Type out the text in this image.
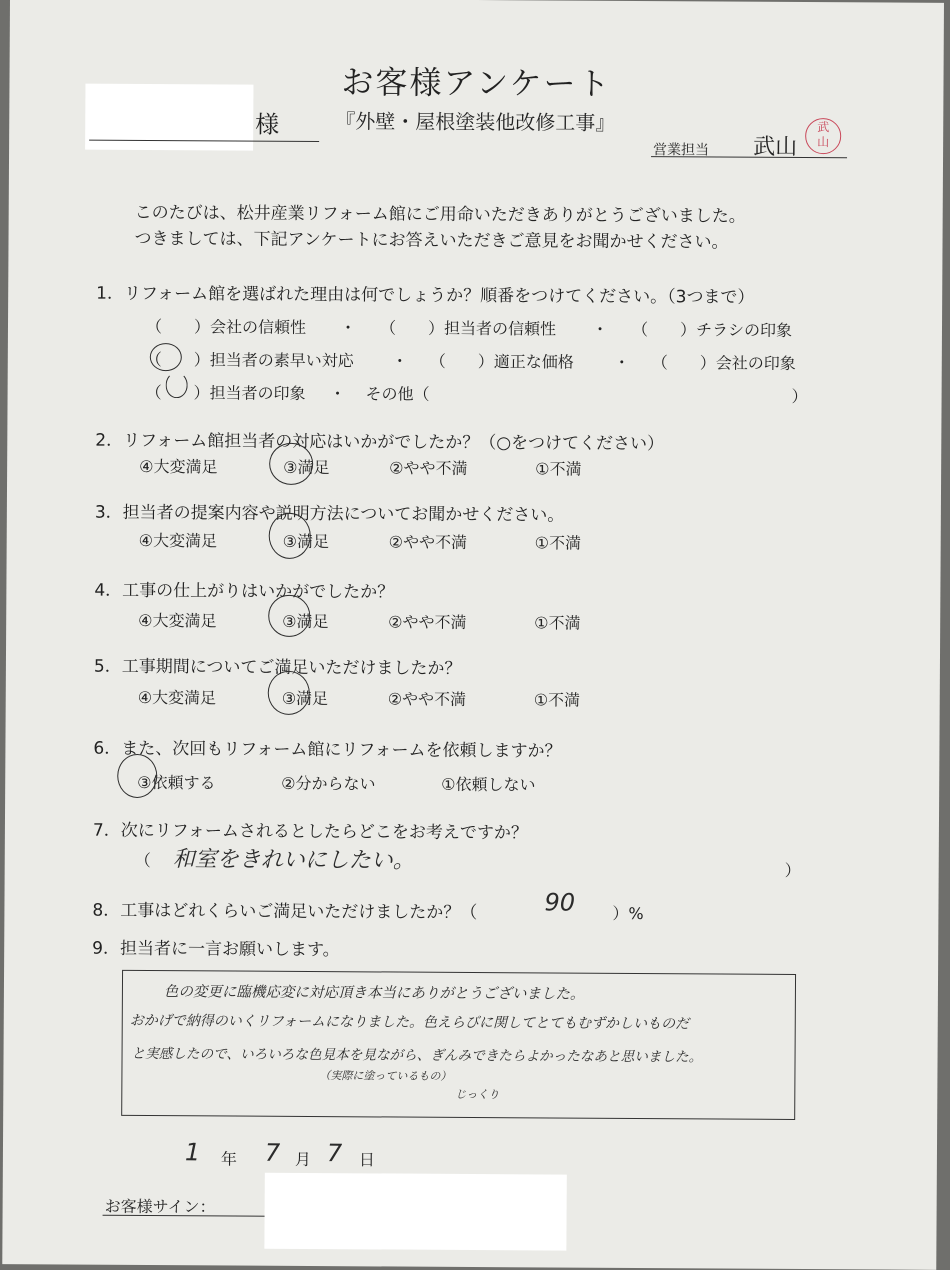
お客様アンケート
様	『外壁・屋根塗装他改修工事』
営業担当 武山
武山
このたびは、松井産業リフォーム館にご用命いただきありがとうございました。
つきましては、下記アンケートにお答えいただきご意見をお聞かせください。
1．リフォーム館を選ばれた理由は何でしょうか？順番をつけてください。（3つまで）
（　　）会社の信頼性 ・ （　　）担当者の信頼性 ・ （　　）チラシの印象
（　　）担当者の素早い対応 ・ （　　）適正な価格 ・ （　　）会社の印象
（　　）担当者の印象 ・ その他（	）
2．リフォーム館担当者の対応はいかがでしたか？（○をつけてください）
④大変満足	③満足	②やや不満	①不満
3．担当者の提案内容や説明方法についてお聞かせください。
④大変満足	③満足	②やや不満	①不満
4．工事の仕上がりはいかがでしたか？
④大変満足	③満足	②やや不満	①不満
5．工事期間についてご満足いただけましたか？
④大変満足	③満足	②やや不満	①不満
6．また、次回もリフォーム館にリフォームを依頼しますか？
③依頼する	②分からない	①依頼しない
7．次にリフォームされるとしたらどこをお考えですか？
（ 和室をきれいにしたい。	）
8．工事はどれくらいご満足いただけましたか？（	90 ）%
9．担当者に一言お願いします。
色の変更に臨機応変に対応頂き本当にありがとうございました。
おかげで納得のいくリフォームになりました。色えらびに関してとてもむずかしいものだ
と実感したので、いろいろな色見本を見ながら、ぎんみできたらよかったなあと思いました。
（実際に塗っているもの）
じっくり
1 年 7 月 7 日
お客様サイン：
